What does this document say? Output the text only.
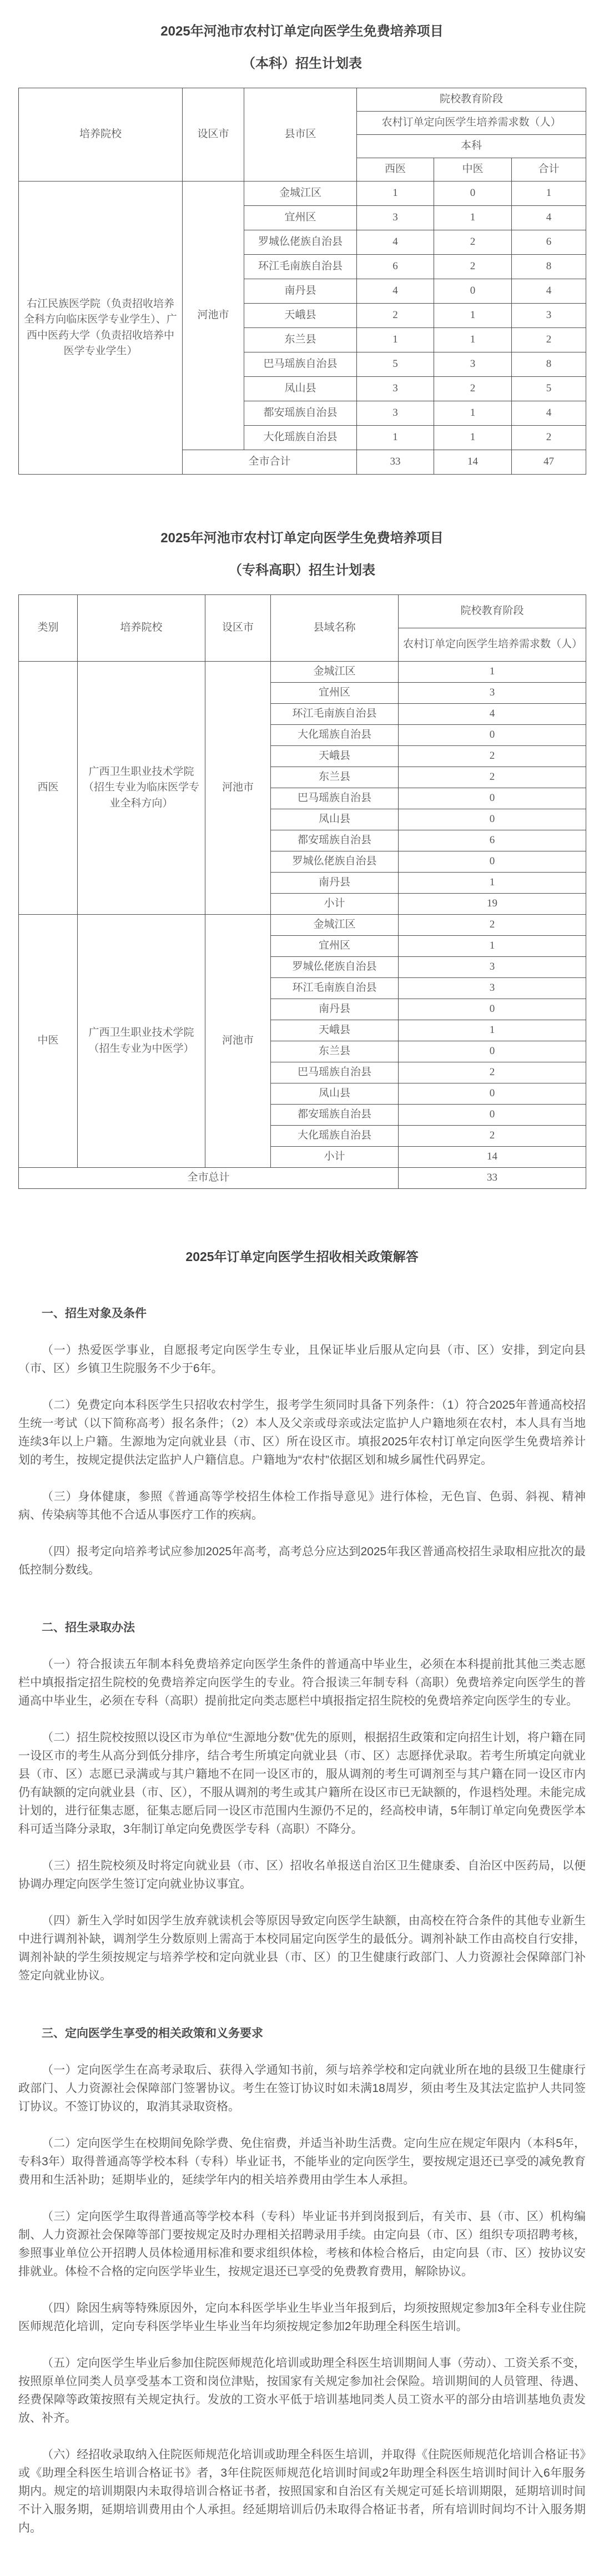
2025年河池市农村订单定向医学生免费培养项目
（本科）招生计划表
培养院校	设区市	县市区	院校教育阶段		
			农村订单定向医学生培养需求数（人）		
			本科		
			西医	中医	合计
右江民族医学院（负责招收培养全科方向临床医学专业学生）、广西中医药大学（负责招收培养中医学专业学生）	河池市	金城江区	1	0	1
		宜州区	3	1	4
		罗城仫佬族自治县	4	2	6
		环江毛南族自治县	6	2	8
		南丹县	4	0	4
		天峨县	2	1	3
		东兰县	1	1	2
		巴马瑶族自治县	5	3	8
		凤山县	3	2	5
		都安瑶族自治县	3	1	4
		大化瑶族自治县	1	1	2
	全市合计		33	14	47
2025年河池市农村订单定向医学生免费培养项目
（专科高职）招生计划表
类别	培养院校	设区市	县域名称	院校教育阶段
				农村订单定向医学生培养需求数（人）
西医	广西卫生职业技术学院（招生专业为临床医学专业全科方向）	河池市	金城江区	1
			宜州区	3
			环江毛南族自治县	4
			大化瑶族自治县	0
			天峨县	2
			东兰县	2
			巴马瑶族自治县	0
			凤山县	0
			都安瑶族自治县	6
			罗城仫佬族自治县	0
			南丹县	1
			小计	19
中医	广西卫生职业技术学院（招生专业为中医学）	河池市	金城江区	2
			宜州区	1
			罗城仫佬族自治县	3
			环江毛南族自治县	3
			南丹县	0
			天峨县	1
			东兰县	0
			巴马瑶族自治县	2
			凤山县	0
			都安瑶族自治县	0
			大化瑶族自治县	2
			小计	14
全市总计				33
2025年订单定向医学生招收相关政策解答
一、招生对象及条件

（一）热爱医学事业，自愿报考定向医学生专业，且保证毕业后服从定向县（市、区）安排，到定向县（市、区）乡镇卫生院服务不少于6年。

（二）免费定向本科医学生只招收农村学生，报考学生须同时具备下列条件：（1）符合2025年普通高校招生统一考试（以下简称高考）报名条件；（2）本人及父亲或母亲或法定监护人户籍地须在农村，本人具有当地连续3年以上户籍。生源地为定向就业县（市、区）所在设区市。填报2025年农村订单定向医学生免费培养计划的考生，按规定提供法定监护人户籍信息。户籍地为“农村”依据区划和城乡属性代码界定。

（三）身体健康，参照《普通高等学校招生体检工作指导意见》进行体检，无色盲、色弱、斜视、精神病、传染病等其他不合适从事医疗工作的疾病。

（四）报考定向培养考试应参加2025年高考，高考总分应达到2025年我区普通高校招生录取相应批次的最低控制分数线。

二、招生录取办法

（一）符合报读五年制本科免费培养定向医学生条件的普通高中毕业生，必须在本科提前批其他三类志愿栏中填报指定招生院校的免费培养定向医学生的专业。符合报读三年制专科（高职）免费培养定向医学生的普通高中毕业生，必须在专科（高职）提前批定向类志愿栏中填报指定招生院校的免费培养定向医学生的专业。

（二）招生院校按照以设区市为单位“生源地分数”优先的原则，根据招生政策和定向招生计划，将户籍在同一设区市的考生从高分到低分排序，结合考生所填定向就业县（市、区）志愿择优录取。若考生所填定向就业县（市、区）志愿已录满或与其户籍地不在同一设区市的，服从调剂的考生可调剂至与其户籍在同一设区市内仍有缺额的定向就业县（市、区），不服从调剂的考生或其户籍所在设区市已无缺额的，作退档处理。未能完成计划的，进行征集志愿，征集志愿后同一设区市范围内生源仍不足的，经高校申请，5年制订单定向免费医学本科可适当降分录取，3年制订单定向免费医学专科（高职）不降分。

（三）招生院校须及时将定向就业县（市、区）招收名单报送自治区卫生健康委、自治区中医药局，以便协调办理定向医学生签订定向就业协议事宜。

（四）新生入学时如因学生放弃就读机会等原因导致定向医学生缺额，由高校在符合条件的其他专业新生中进行调剂补缺，调剂学生分数原则上需高于本校同届定向医学生的最低分。调剂补缺工作由高校自行安排，调剂补缺的学生须按规定与培养学校和定向就业县（市、区）的卫生健康行政部门、人力资源社会保障部门补签定向就业协议。

三、定向医学生享受的相关政策和义务要求

（一）定向医学生在高考录取后、获得入学通知书前，须与培养学校和定向就业所在地的县级卫生健康行政部门、人力资源社会保障部门签署协议。考生在签订协议时如未满18周岁，须由考生及其法定监护人共同签订协议。不签订协议的，取消其录取资格。

（二）定向医学生在校期间免除学费、免住宿费，并适当补助生活费。定向生应在规定年限内（本科5年，专科3年）取得普通高等学校本科（专科）毕业证书，不能毕业的定向医学生，要按规定退还已享受的减免教育费用和生活补助；延期毕业的，延续学年内的相关培养费用由学生本人承担。

（三）定向医学生取得普通高等学校本科（专科）毕业证书并到岗报到后，有关市、县（市、区）机构编制、人力资源社会保障等部门要按规定及时办理相关招聘录用手续。由定向县（市、区）组织专项招聘考核，参照事业单位公开招聘人员体检通用标准和要求组织体检，考核和体检合格后，由定向县（市、区）按协议安排就业。体检不合格的定向医学毕业生，按规定退还已享受的免费教育费用，解除协议。

（四）除因生病等特殊原因外，定向本科医学毕业生毕业当年报到后，均须按照规定参加3年全科专业住院医师规范化培训，定向专科医学毕业生毕业当年均须按规定参加2年助理全科医生培训。

（五）定向医学生毕业后参加住院医师规范化培训或助理全科医生培训期间人事（劳动）、工资关系不变，按照原单位同类人员享受基本工资和岗位津贴，按国家有关规定参加社会保险。培训期间的人员管理、待遇、经费保障等政策按照有关规定执行。发放的工资水平低于培训基地同类人员工资水平的部分由培训基地负责发放、补齐。

（六）经招收录取纳入住院医师规范化培训或助理全科医生培训，并取得《住院医师规范化培训合格证书》或《助理全科医生培训合格证书》者，3年住院医师规范化培训时间或2年助理全科医生培训时间计入6年服务期内。规定的培训期限内未取得培训合格证书者，按照国家和自治区有关规定可延长培训期限，延期培训时间不计入服务期，延期培训费用由个人承担。经延期培训后仍未取得合格证书者，所有培训时间均不计入服务期内。
